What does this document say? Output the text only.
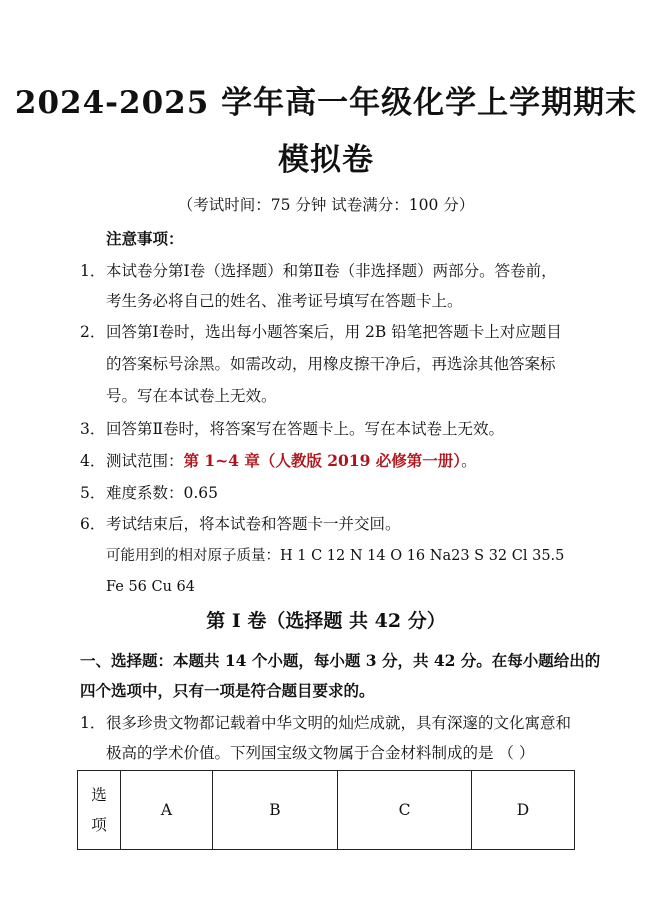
2024-2025 学年高一年级化学上学期期末
模拟卷
（考试时间：75 分钟 试卷满分：100 分）
注意事项：
1． 本试卷分第Ⅰ卷（选择题）和第Ⅱ卷（非选择题）两部分。答卷前，
考生务必将自己的姓名、准考证号填写在答题卡上。
2． 回答第Ⅰ卷时，选出每小题答案后，用 2B 铅笔把答题卡上对应题目
的答案标号涂黑。如需改动，用橡皮擦干净后，再选涂其他答案标
号。写在本试卷上无效。
3． 回答第Ⅱ卷时，将答案写在答题卡上。写在本试卷上无效。
4． 测试范围：第 1~4 章（人教版 2019 必修第一册）。
5． 难度系数：0.65
6． 考试结束后，将本试卷和答题卡一并交回。
可能用到的相对原子质量：H 1 C 12 N 14 O 16 Na23 S 32 Cl 35.5
Fe 56 Cu 64
第 I 卷（选择题 共 42 分）
一、选择题：本题共 14 个小题，每小题 3 分，共 42 分。在每小题给出的
四个选项中，只有一项是符合题目要求的。
1． 很多珍贵文物都记载着中华文明的灿烂成就，具有深邃的文化寓意和
极高的学术价值。下列国宝级文物属于合金材料制成的是 （ ）
选
项
	A	B	C	D
